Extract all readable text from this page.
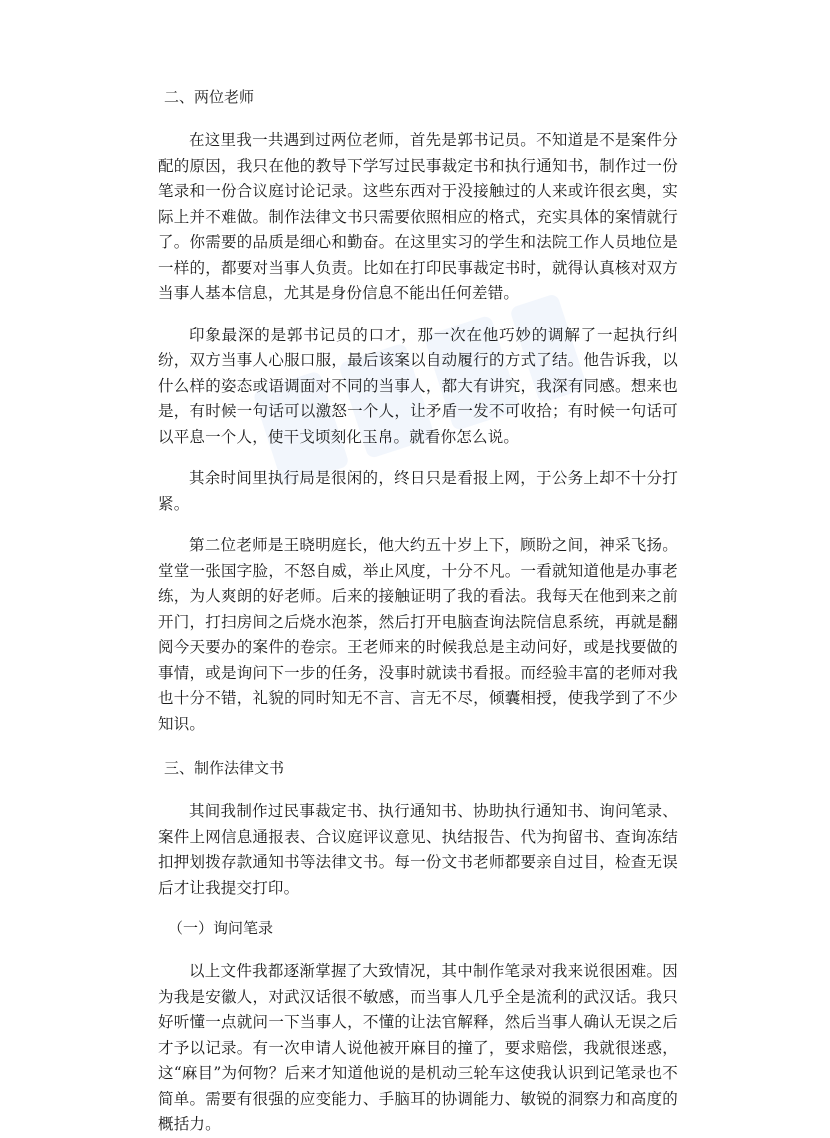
二、两位老师

在这里我一共遇到过两位老师，首先是郭书记员。不知道是不是案件分配的原因，我只在他的教导下学写过民事裁定书和执行通知书，制作过一份笔录和一份合议庭讨论记录。这些东西对于没接触过的人来或许很玄奥，实际上并不难做。制作法律文书只需要依照相应的格式，充实具体的案情就行了。你需要的品质是细心和勤奋。在这里实习的学生和法院工作人员地位是一样的，都要对当事人负责。比如在打印民事裁定书时，就得认真核对双方当事人基本信息，尤其是身份信息不能出任何差错。

印象最深的是郭书记员的口才，那一次在他巧妙的调解了一起执行纠纷，双方当事人心服口服，最后该案以自动履行的方式了结。他告诉我，以什么样的姿态或语调面对不同的当事人，都大有讲究，我深有同感。想来也是，有时候一句话可以激怒一个人，让矛盾一发不可收拾；有时候一句话可以平息一个人，使干戈顷刻化玉帛。就看你怎么说。

其余时间里执行局是很闲的，终日只是看报上网，于公务上却不十分打紧。

第二位老师是王晓明庭长，他大约五十岁上下，顾盼之间，神采飞扬。堂堂一张国字脸，不怒自威，举止风度，十分不凡。一看就知道他是办事老练，为人爽朗的好老师。后来的接触证明了我的看法。我每天在他到来之前开门，打扫房间之后烧水泡茶，然后打开电脑查询法院信息系统，再就是翻阅今天要办的案件的卷宗。王老师来的时候我总是主动问好，或是找要做的事情，或是询问下一步的任务，没事时就读书看报。而经验丰富的老师对我也十分不错，礼貌的同时知无不言、言无不尽，倾囊相授，使我学到了不少知识。

三、制作法律文书

其间我制作过民事裁定书、执行通知书、协助执行通知书、询问笔录、案件上网信息通报表、合议庭评议意见、执结报告、代为拘留书、查询冻结扣押划拨存款通知书等法律文书。每一份文书老师都要亲自过目，检查无误后才让我提交打印。

（一）询问笔录

以上文件我都逐渐掌握了大致情况，其中制作笔录对我来说很困难。因为我是安徽人，对武汉话很不敏感，而当事人几乎全是流利的武汉话。我只好听懂一点就问一下当事人，不懂的让法官解释，然后当事人确认无误之后才予以记录。有一次申请人说他被开麻目的撞了，要求赔偿，我就很迷惑，这“麻目”为何物？后来才知道他说的是机动三轮车这使我认识到记笔录也不简单。需要有很强的应变能力、手脑耳的协调能力、敏锐的洞察力和高度的概括力。
